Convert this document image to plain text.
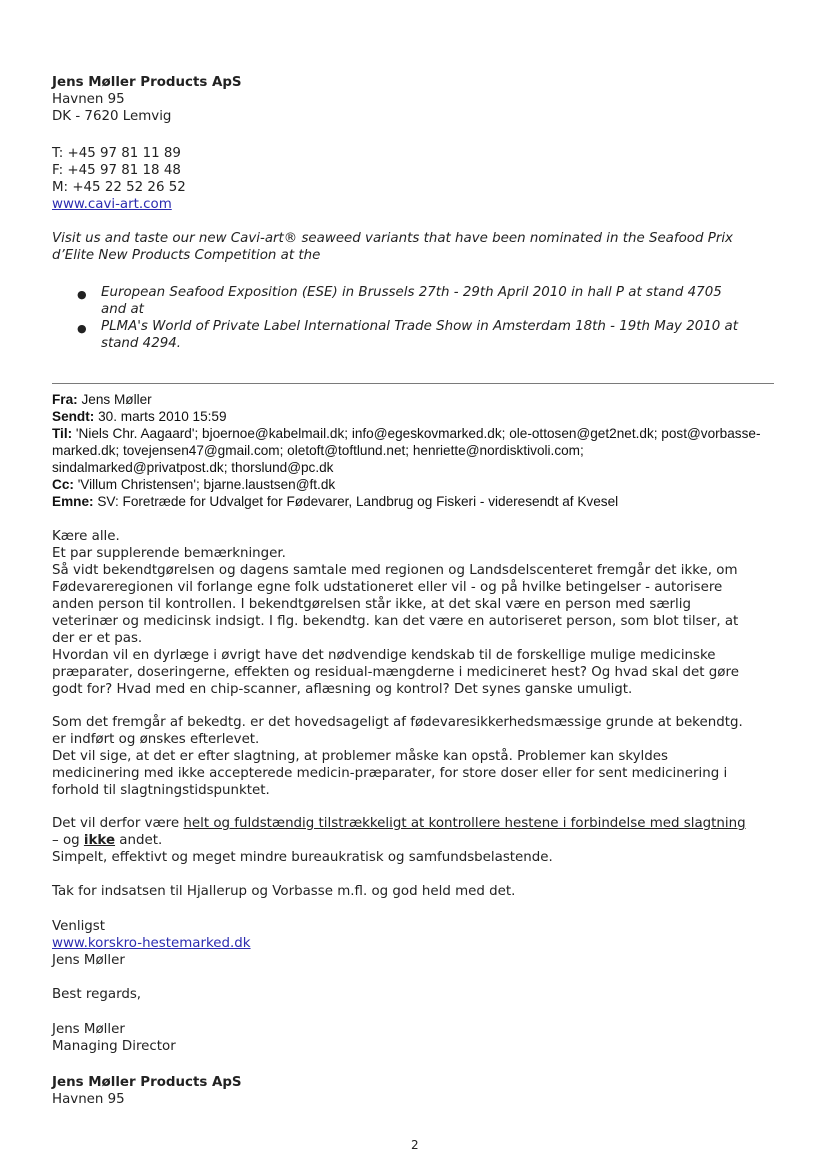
Jens Møller Products ApS
Havnen 95
DK - 7620 Lemvig
T: +45 97 81 11 89
F: +45 97 81 18 48
M: +45 22 52 26 52
www.cavi-art.com
Visit us and taste our new Cavi-art® seaweed variants that have been nominated in the Seafood Prix
d’Elite New Products Competition at the
● European Seafood Exposition (ESE) in Brussels 27th - 29th April 2010 in hall P at stand 4705
and at
● PLMA's World of Private Label International Trade Show in Amsterdam 18th - 19th May 2010 at
stand 4294.
Fra: Jens Møller
Sendt: 30. marts 2010 15:59
Til: 'Niels Chr. Aagaard'; bjoernoe@kabelmail.dk; info@egeskovmarked.dk; ole-ottosen@get2net.dk; post@vorbasse-
marked.dk; tovejensen47@gmail.com; oletoft@toftlund.net; henriette@nordisktivoli.com;
sindalmarked@privatpost.dk; thorslund@pc.dk
Cc: 'Villum Christensen'; bjarne.laustsen@ft.dk
Emne: SV: Foretræde for Udvalget for Fødevarer, Landbrug og Fiskeri - videresendt af Kvesel
Kære alle.
Et par supplerende bemærkninger.
Så vidt bekendtgørelsen og dagens samtale med regionen og Landsdelscenteret fremgår det ikke, om
Fødevareregionen vil forlange egne folk udstationeret eller vil - og på hvilke betingelser - autorisere
anden person til kontrollen. I bekendtgørelsen står ikke, at det skal være en person med særlig
veterinær og medicinsk indsigt. I flg. bekendtg. kan det være en autoriseret person, som blot tilser, at
der er et pas.
Hvordan vil en dyrlæge i øvrigt have det nødvendige kendskab til de forskellige mulige medicinske
præparater, doseringerne, effekten og residual-mængderne i medicineret hest? Og hvad skal det gøre
godt for? Hvad med en chip-scanner, aflæsning og kontrol? Det synes ganske umuligt.
Som det fremgår af bekedtg. er det hovedsageligt af fødevaresikkerhedsmæssige grunde at bekendtg.
er indført og ønskes efterlevet.
Det vil sige, at det er efter slagtning, at problemer måske kan opstå. Problemer kan skyldes
medicinering med ikke accepterede medicin-præparater, for store doser eller for sent medicinering i
forhold til slagtningstidspunktet.
Det vil derfor være helt og fuldstændig tilstrækkeligt at kontrollere hestene i forbindelse med slagtning
– og ikke andet.
Simpelt, effektivt og meget mindre bureaukratisk og samfundsbelastende.
Tak for indsatsen til Hjallerup og Vorbasse m.fl. og god held med det.
Venligst
www.korskro-hestemarked.dk
Jens Møller
Best regards,
Jens Møller
Managing Director
Jens Møller Products ApS
Havnen 95
2
